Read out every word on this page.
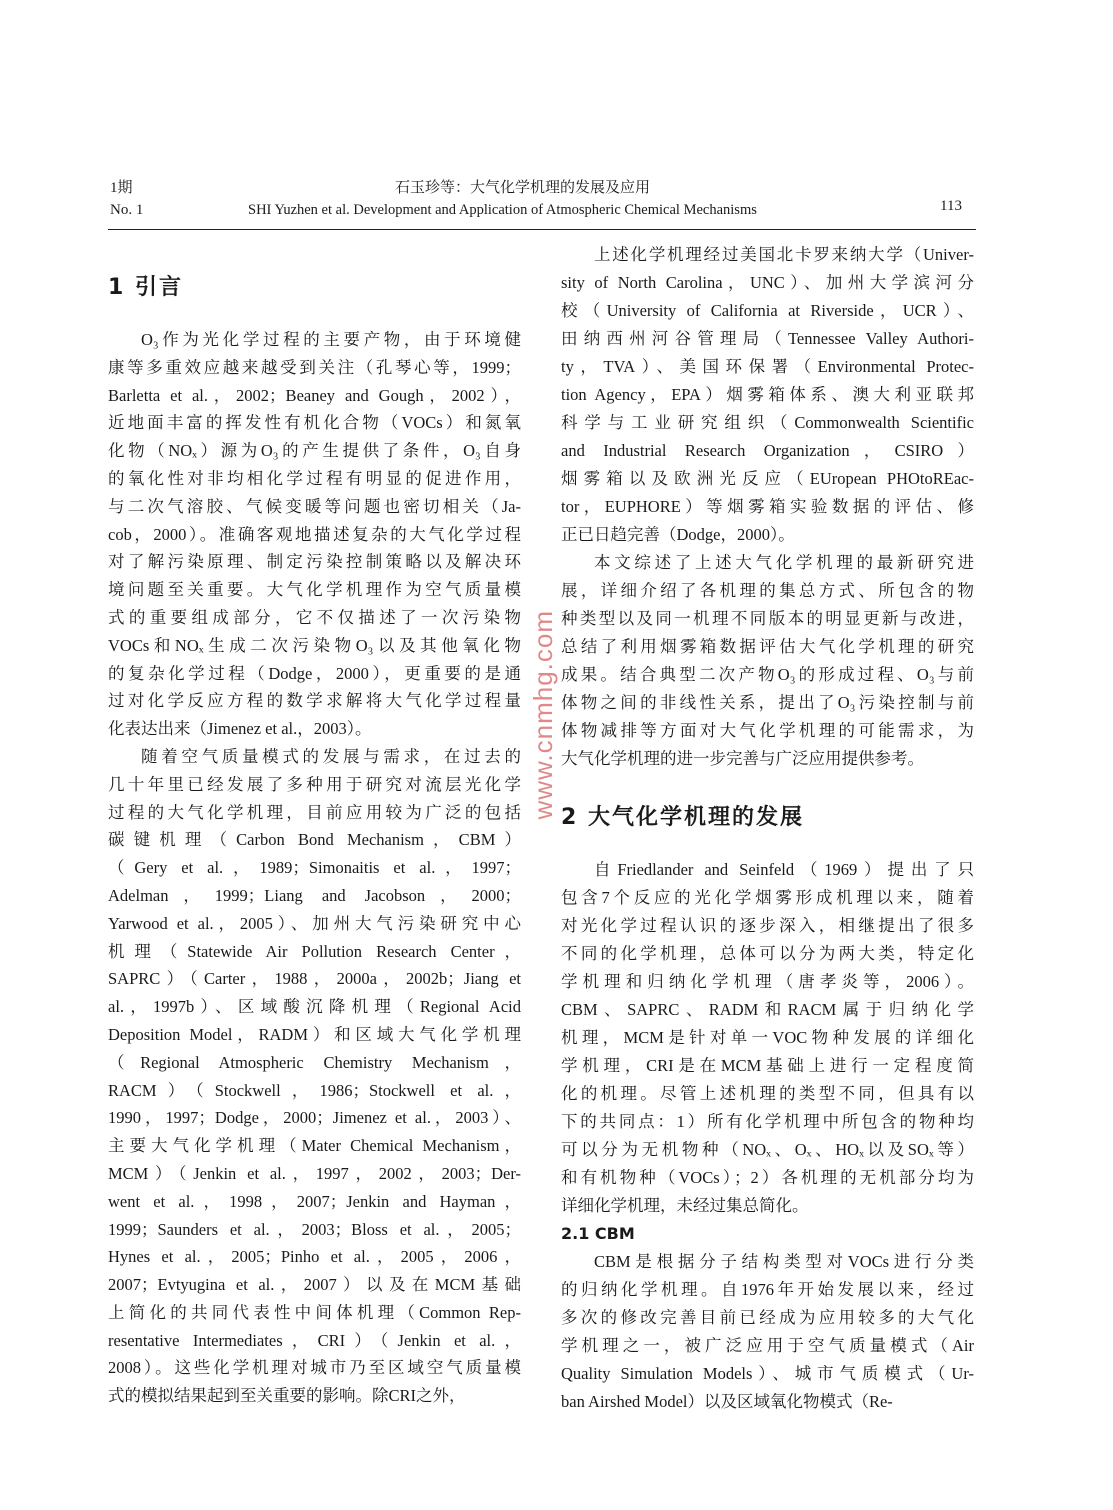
1期
No. 1
石玉珍等：大气化学机理的发展及应用
SHI Yuzhen et al. Development and Application of Atmospheric Chemical Mechanisms	113
1 引言
O₃作为光化学过程的主要产物，由于环境健
康等多重效应越来越受到关注（孔琴心等，1999；
Barletta et al.，2002；Beaney and Gough，2002），
近地面丰富的挥发性有机化合物（VOCs）和氮氧
化物（NOₓ）源为O₃的产生提供了条件，O₃自身
的氧化性对非均相化学过程有明显的促进作用，
与二次气溶胶、气候变暖等问题也密切相关（Ja-
cob，2000）。准确客观地描述复杂的大气化学过程
对了解污染原理、制定污染控制策略以及解决环
境问题至关重要。大气化学机理作为空气质量模
式的重要组成部分，它不仅描述了一次污染物
VOCs和NOₓ生成二次污染物O₃以及其他氧化物
的复杂化学过程（Dodge，2000），更重要的是通
过对化学反应方程的数学求解将大气化学过程量
化表达出来（Jimenez et al.，2003）。
随着空气质量模式的发展与需求，在过去的
几十年里已经发展了多种用于研究对流层光化学
过程的大气化学机理，目前应用较为广泛的包括
碳键机理（Carbon Bond Mechanism，CBM）
（Gery et al.，1989；Simonaitis et al.，1997；
Adelman，1999；Liang and Jacobson，2000；
Yarwood et al.，2005）、加州大气污染研究中心
机理（Statewide Air Pollution Research Center，
SAPRC）（Carter，1988，2000a，2002b；Jiang et
al.，1997b）、区域酸沉降机理（Regional Acid
Deposition Model，RADM）和区域大气化学机理
（Regional Atmospheric Chemistry Mechanism，
RACM）（Stockwell，1986；Stockwell et al.，
1990，1997；Dodge，2000；Jimenez et al.，2003）、
主要大气化学机理（Mater Chemical Mechanism，
MCM）（Jenkin et al.，1997，2002，2003；Der-
went et al.，1998，2007；Jenkin and Hayman，
1999；Saunders et al.，2003；Bloss et al.，2005；
Hynes et al.，2005；Pinho et al.，2005，2006，
2007；Evtyugina et al.，2007）以及在MCM基础
上简化的共同代表性中间体机理（Common Rep-
resentative Intermediates，CRI）（Jenkin et al.，
2008）。这些化学机理对城市乃至区域空气质量模
式的模拟结果起到至关重要的影响。除CRI之外，
上述化学机理经过美国北卡罗来纳大学（Univer-
sity of North Carolina，UNC）、加州大学滨河分
校（University of California at Riverside，UCR）、
田纳西州河谷管理局（Tennessee Valley Authori-
ty，TVA）、美国环保署（Environmental Protec-
tion Agency，EPA）烟雾箱体系、澳大利亚联邦
科学与工业研究组织（Commonwealth Scientific
and Industrial Research Organization，CSIRO）
烟雾箱以及欧洲光反应（EUropean PHOtoREac-
tor，EUPHORE）等烟雾箱实验数据的评估、修
正已日趋完善（Dodge，2000）。
本文综述了上述大气化学机理的最新研究进
展，详细介绍了各机理的集总方式、所包含的物
种类型以及同一机理不同版本的明显更新与改进，
总结了利用烟雾箱数据评估大气化学机理的研究
成果。结合典型二次产物O₃的形成过程、O₃与前
体物之间的非线性关系，提出了O₃污染控制与前
体物减排等方面对大气化学机理的可能需求，为
大气化学机理的进一步完善与广泛应用提供参考。
2 大气化学机理的发展
自Friedlander and Seinfeld（1969）提出了只
包含7个反应的光化学烟雾形成机理以来，随着
对光化学过程认识的逐步深入，相继提出了很多
不同的化学机理，总体可以分为两大类，特定化
学机理和归纳化学机理（唐孝炎等，2006）。
CBM、SAPRC、RADM和RACM属于归纳化学
机理，MCM是针对单一VOC物种发展的详细化
学机理，CRI是在MCM基础上进行一定程度简
化的机理。尽管上述机理的类型不同，但具有以
下的共同点：1）所有化学机理中所包含的物种均
可以分为无机物种（NOₓ、Oₓ、HOₓ以及SOₓ等）
和有机物种（VOCs）；2）各机理的无机部分均为
详细化学机理，未经过集总简化。
2.1 CBM
CBM是根据分子结构类型对VOCs进行分类
的归纳化学机理。自1976年开始发展以来，经过
多次的修改完善目前已经成为应用较多的大气化
学机理之一，被广泛应用于空气质量模式（Air
Quality Simulation Models）、城市气质模式（Ur-
ban Airshed Model）以及区域氧化物模式（Re-
www.cnmhg.com
